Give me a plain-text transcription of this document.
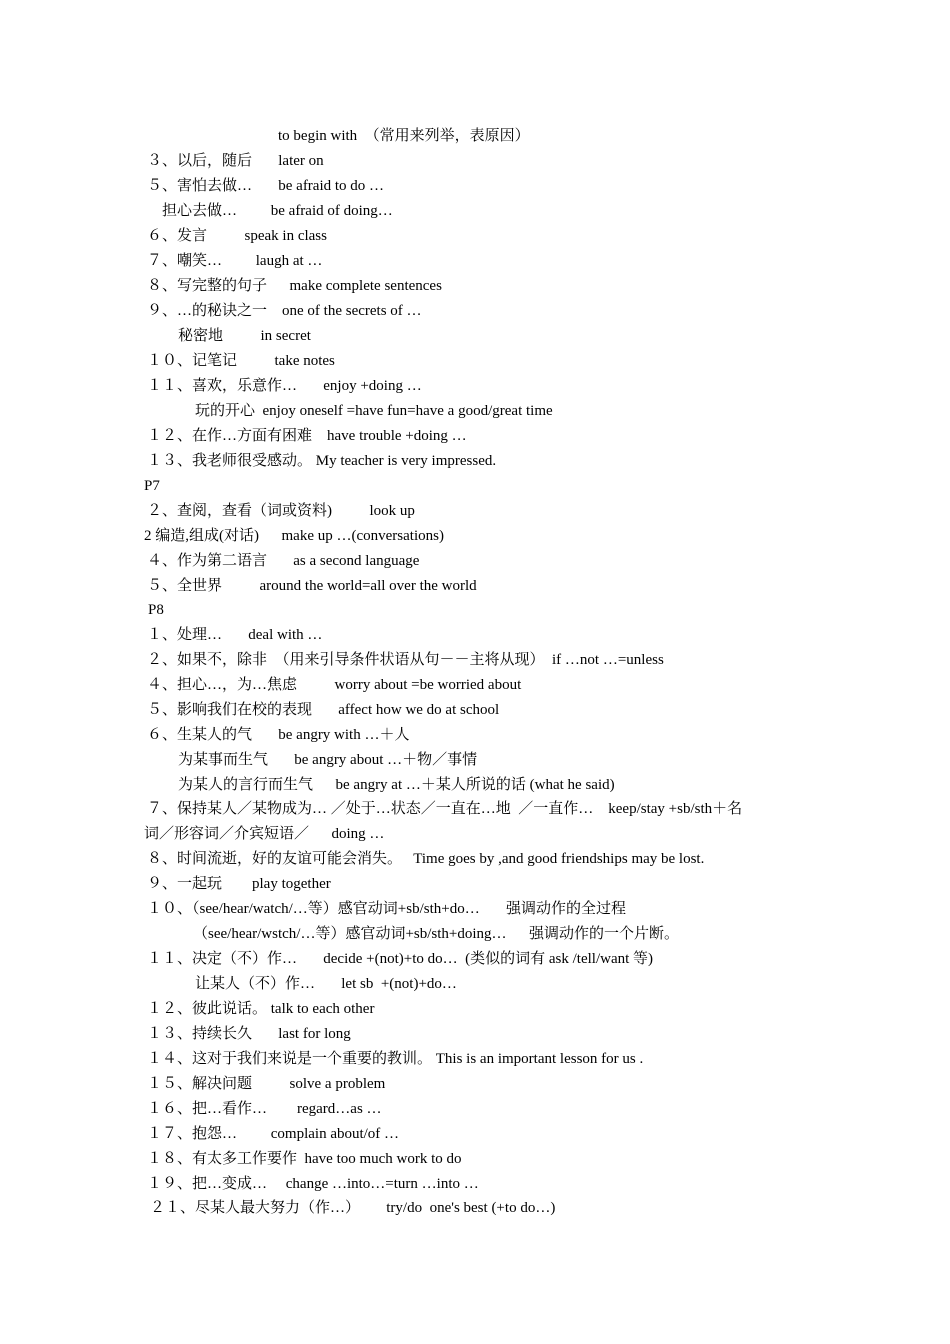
to begin with  （常用来列举，表原因）
３、以后，随后       later on
５、害怕去做…       be afraid to do …
担心去做…         be afraid of doing…
６、发言          speak in class
７、嘲笑…         laugh at …
８、写完整的句子      make complete sentences
９、…的秘诀之一    one of the secrets of …
秘密地          in secret
１０、记笔记          take notes
１１、喜欢，乐意作…       enjoy +doing …
玩的开心  enjoy oneself =have fun=have a good/great time
１２、在作…方面有困难    have trouble +doing …
１３、我老师很受感动。 My teacher is very impressed.
P7
２、查阅，查看（词或资料)          look up
2 编造,组成(对话)      make up …(conversations)
４、作为第二语言       as a second language
５、全世界          around the world=all over the world
P8
１、处理…       deal with …
２、如果不，除非  （用来引导条件状语从句－－主将从现）  if …not …=unless
４、担心…，为…焦虑          worry about =be worried about
５、影响我们在校的表现       affect how we do at school
６、生某人的气       be angry with …＋人
为某事而生气       be angry about …＋物／事情
为某人的言行而生气      be angry at …＋某人所说的话 (what he said)
７、保持某人／某物成为… ／处于…状态／一直在…地  ／一直作…    keep/stay +sb/sth＋名
词／形容词／介宾短语／      doing …
８、时间流逝，好的友谊可能会消失。   Time goes by ,and good friendships may be lost.
９、一起玩        play together
１０、（see/hear/watch/…等）感官动词+sb/sth+do…       强调动作的全过程
（see/hear/wstch/…等）感官动词+sb/sth+doing…      强调动作的一个片断。
１１、决定（不）作…       decide +(not)+to do…  (类似的词有 ask /tell/want 等)
让某人（不）作…       let sb  +(not)+do…
１２、彼此说话。 talk to each other
１３、持续长久       last for long
１４、这对于我们来说是一个重要的教训。 This is an important lesson for us .
１５、解决问题          solve a problem
１６、把…看作…        regard…as …
１７、抱怨…         complain about/of …
１８、有太多工作要作  have too much work to do
１９、把…变成…     change …into…=turn …into …
２１、尽某人最大努力（作…）       try/do  one's best (+to do…)
